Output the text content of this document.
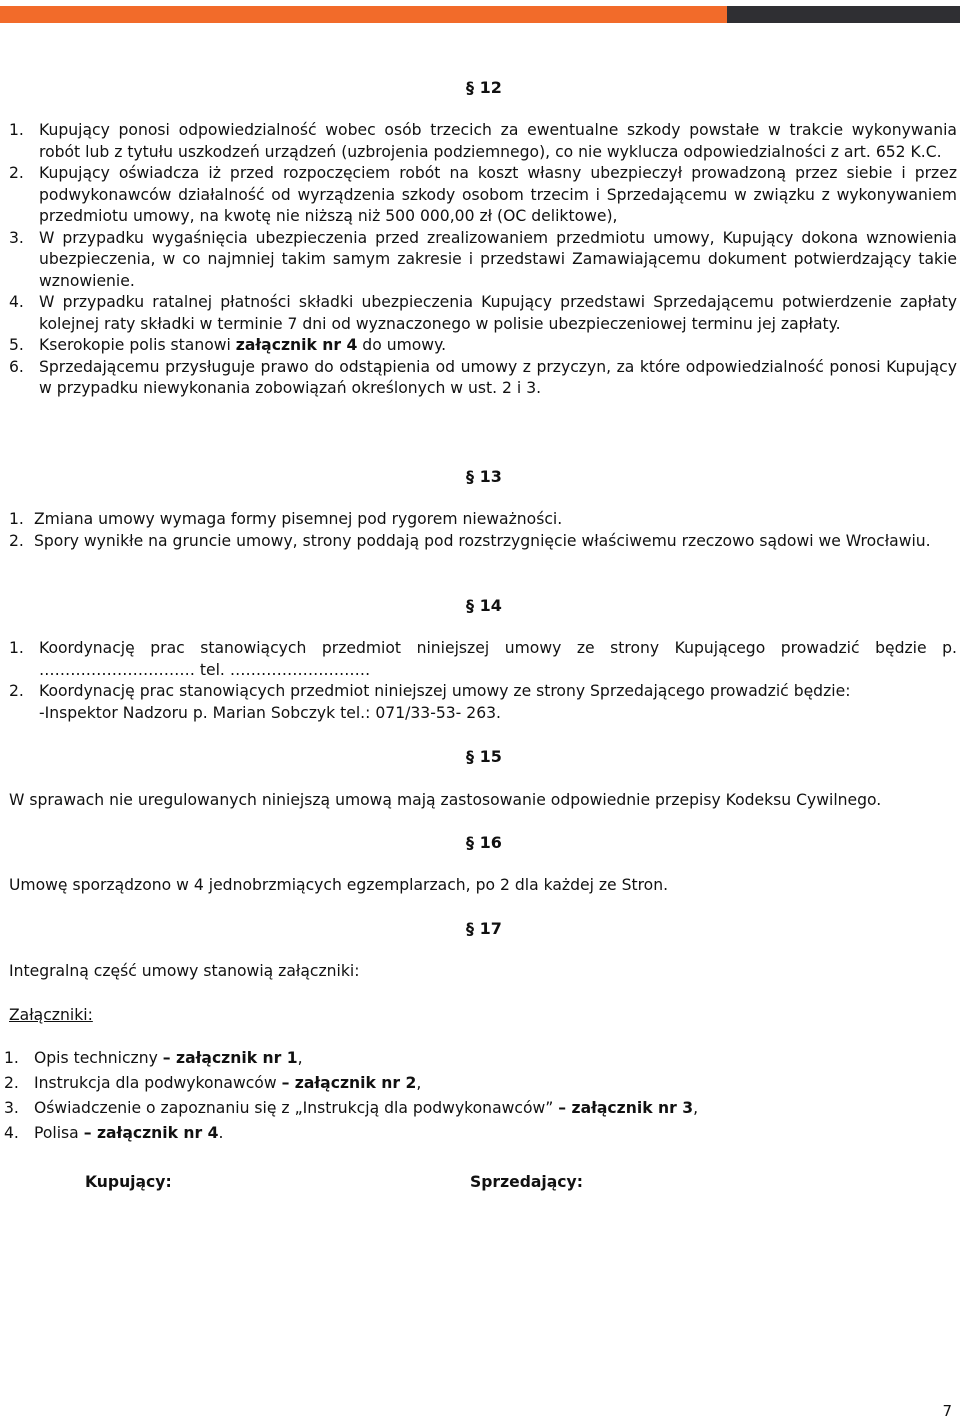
§ 12
1. Kupujący ponosi odpowiedzialność wobec osób trzecich za ewentualne szkody powstałe w trakcie wykonywania robót lub z tytułu uszkodzeń urządzeń (uzbrojenia podziemnego), co nie wyklucza odpowiedzialności z art. 652 K.C.
2. Kupujący oświadcza iż przed rozpoczęciem robót na koszt własny ubezpieczył prowadzoną przez siebie i przez podwykonawców działalność od wyrządzenia szkody osobom trzecim i Sprzedającemu w związku z wykonywaniem przedmiotu umowy, na kwotę nie niższą niż 500 000,00 zł (OC deliktowe),
3. W przypadku wygaśnięcia ubezpieczenia przed zrealizowaniem przedmiotu umowy, Kupujący dokona wznowienia ubezpieczenia, w co najmniej takim samym zakresie i przedstawi Zamawiającemu dokument potwierdzający takie wznowienie.
4. W przypadku ratalnej płatności składki ubezpieczenia Kupujący przedstawi Sprzedającemu potwierdzenie zapłaty kolejnej raty składki w terminie 7 dni od wyznaczonego w polisie ubezpieczeniowej terminu jej zapłaty.
5. Kserokopie polis stanowi załącznik nr 4 do umowy.
6. Sprzedającemu przysługuje prawo do odstąpienia od umowy z przyczyn, za które odpowiedzialność ponosi Kupujący w przypadku niewykonania zobowiązań określonych w ust. 2 i 3.
§ 13
1. Zmiana umowy wymaga formy pisemnej pod rygorem nieważności.
2. Spory wynikłe na gruncie umowy, strony poddają pod rozstrzygnięcie właściwemu rzeczowo sądowi we Wrocławiu.
§ 14
1. Koordynację prac stanowiących przedmiot niniejszej umowy ze strony Kupującego prowadzić będzie p. ………………………… tel. ………………………
2. Koordynację prac stanowiących przedmiot niniejszej umowy ze strony Sprzedającego prowadzić będzie:
-Inspektor Nadzoru p. Marian Sobczyk tel.: 071/33-53- 263.
§ 15
W sprawach nie uregulowanych niniejszą umową mają zastosowanie odpowiednie przepisy Kodeksu Cywilnego.
§ 16
Umowę sporządzono w 4 jednobrzmiących egzemplarzach, po 2 dla każdej ze Stron.
§ 17
Integralną część umowy stanowią załączniki:
Załączniki:
1. Opis techniczny – załącznik nr 1,
2. Instrukcja dla podwykonawców – załącznik nr 2,
3. Oświadczenie o zapoznaniu się z „Instrukcją dla podwykonawców” – załącznik nr 3,
4. Polisa – załącznik nr 4.
Kupujący:	Sprzedający:
7
